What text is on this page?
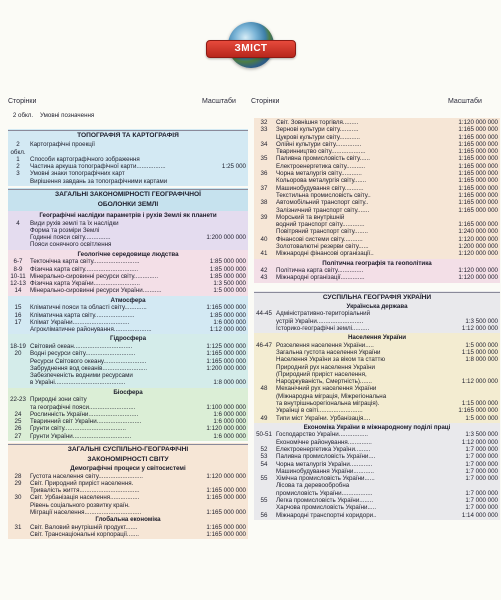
ЗМІСТ
Сторінки	Масштаби Сторінки	Масштаби
2 обкл.	Умовні позначення
ТОПОГРАФІЯ ТА КАРТОГРАФІЯ
2 обкл.
Картографічні проекції
1	Способи картографічного зображення
2	Частина аркуша топографічної карти.................	1:25 000
3	Умовні знаки топографічних карт
Вирішення завдань за топографічними картами
ЗАГАЛЬНІ ЗАКОНОМІРНОСТІ ГЕОГРАФІЧНОЇ
ОБОЛОНКИ ЗЕМЛІ
Географічні наслідки параметрів і рухів Землі як планети
4	Види рухів землі та їх наслідки
Форма та розміри Землі
Годинні пояси світу...............	1:200 000 000
Пояси сонячного освітлення
Геологічне середовище людства
6-7	Тектонічна карта світу...........................	1:85 000 000
8-9	Фізична карта світу...............................	1:85 000 000
10-11 Мінерально-сировинні ресурси світу..............	1:85 000 000
12-13 Фізична карта України...........................	1:3 500 000
14	Мінерально-сировинні ресурси України...........	1:5 000 000
Атмосфера
15	Кліматичні пояси та області світу.............	1:165 000 000
16	Кліматична карта світу.......................	1:85 000 000
17	Клімат України.................................	1:6 000 000
Агрокліматичне районування......................	1:12 000 000
Гідросфера
18-19 Світовий океан..................................	1:125 000 000
20	Водні ресурси світу.............................	1:165 000 000
Ресурси Світового океану.........................	1:165 000 000
Забруднення вод океанів..........................	1:200 000 000
Забезпеченість водними ресурсами
в Україні.........................................	1:8 000 000
Біосфера
22-23 Природні зони світу
та географічні пояси...........................	1:100 000 000
24	Рослинність України.............................	1:6 000 000
25	Тваринний світ України..........................	1:6 000 000
26	Ґрунти світу....................................	1:120 000 000
27	Ґрунти України..................................	1:6 000 000
ЗАГАЛЬНІ СУСПІЛЬНО-ГЕОГРАФІЧНІ
ЗАКОНОМІРНОСТІ СВІТУ
Демографічні процеси у світосистемі
28	Густота населення світу..........................	1:120 000 000
29	Світ. Природний приріст населення.
Тривалість життя...................................	1:165 000 000
30	Світ. Урбанізація населення.................	1:165 000 000
Рівень соціального розвитку країн.
Міграції населення.................................	1:165 000 000
Глобальна економіка
31	Світ. Валовий внутрішній продукт.......	1:165 000 000
Світ. Транснаціональні корпорації.......	1:165 000 000
32	Світ. Зовнішня торгівля.........	1:120 000 000
33	Зернові культури світу...........	1:165 000 000
Цукрові культури світу............	1:165 000 000
34	Олійні культури світу...............	1:165 000 000
Тваринництво світу....................	1:165 000 000
35	Паливна промисловість світу......	1:165 000 000
Електроенергетика світу...........	1:165 000 000
36	Чорна металургія світу............	1:165 000 000
Кольорова металургія світу.......	1:165 000 000
37	Машинобудування світу...........	1:165 000 000
Текстильна промисловість світу..	1:165 000 000
38	Автомобільний транспорт світу..	1:165 000 000
Залізничний транспорт світу.......	1:165 000 000
39	Морський та внутрішній
водний транспорт світу.............	1:165 000 000
Повітряний транспорт світу........	1:240 000 000
40	Фінансові системи світу...........	1:120 000 000
Золотовалютні резерви світу......	1:200 000 000
41	Міжнародні фінансові організації..	1:120 000 000
Політична географія та геополітика
42	Політична карта світу...............	1:120 000 000
43	Міжнародні організації..............	1:120 000 000
СУСПІЛЬНА ГЕОГРАФІЯ УКРАЇНИ
Українська держава
44-45 Адміністративно-територіальний
устрій України...........................	1:3 500 000
Історико-географічні землі..........	1:12 000 000
Населення України
46-47 Розселення населення України.....	1:5 000 000
Загальна густота населення України	1:15 000 000
Населення України за віком та статтю	1:8 000 000
Природний рух населення України
(Природний приріст населення,
Народжуваність, Смертність).......	1:12 000 000
48	Механічний рух населення України
(Міжнародна міграція, Міжрегіональна
та внутрішньорегіональна міграція).	1:15 000 000
Українці в світі..........................	1:165 000 000
49	Типи міст України. Урбанізація....	1:5 000 000
Економіка України в міжнародному поділі праці
50-51 Господарство України.................	1:3 500 000
Економічне районування..............	1:12 000 000
52	Електроенергетика України.........	1:7 000 000
53	Паливна промисловість України....	1:7 000 000
54	Чорна металургія України.............	1:7 000 000
Машинобудування України............	1:7 000 000
55	Хімічна промисловість України......	1:7 000 000
Лісова та деревообробна
промисловість України..................	1:7 000 000
55	Легка промисловість України........	1:7 000 000
Харчова промисловість України.....	1:7 000 000
56	Міжнародні транспортні коридори..	1:14 000 000
